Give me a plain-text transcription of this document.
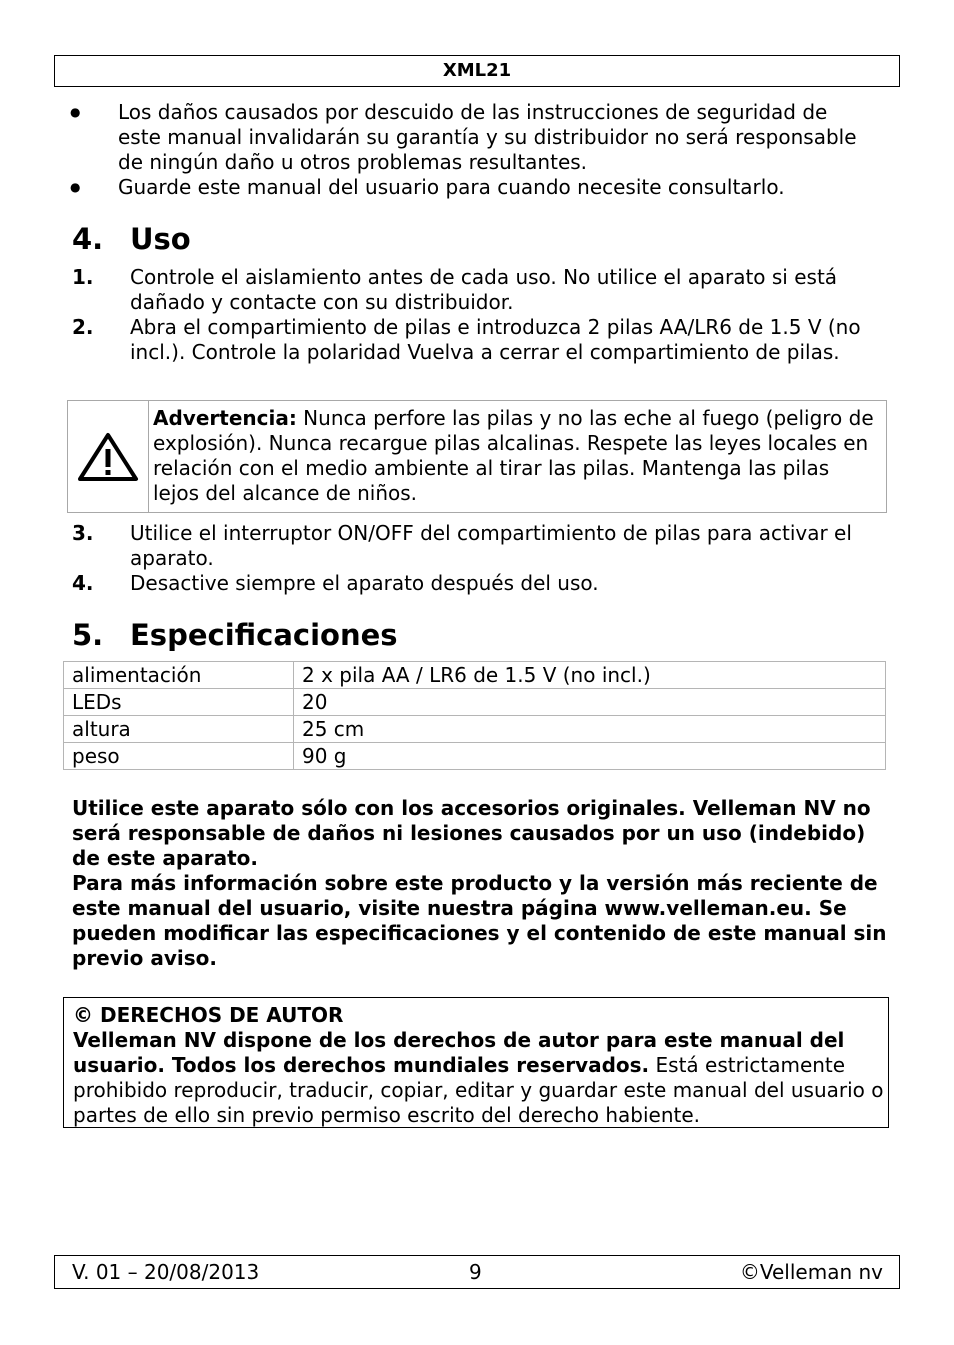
XML21
● Los daños causados por descuido de las instrucciones de seguridad de este manual invalidarán su garantía y su distribuidor no será responsable de ningún daño u otros problemas resultantes.
● Guarde este manual del usuario para cuando necesite consultarlo.
4. Uso
1. Controle el aislamiento antes de cada uso. No utilice el aparato si está dañado y contacte con su distribuidor.
2. Abra el compartimiento de pilas e introduzca 2 pilas AA/LR6 de 1.5 V (no incl.). Controle la polaridad Vuelva a cerrar el compartimiento de pilas.
Advertencia: Nunca perfore las pilas y no las eche al fuego (peligro de explosión). Nunca recargue pilas alcalinas. Respete las leyes locales en relación con el medio ambiente al tirar las pilas. Mantenga las pilas lejos del alcance de niños.
3. Utilice el interruptor ON/OFF del compartimiento de pilas para activar el aparato.
4. Desactive siempre el aparato después del uso.
5. Especificaciones
alimentación	2 x pila AA / LR6 de 1.5 V (no incl.)
LEDs	20
altura	25 cm
peso	90 g
Utilice este aparato sólo con los accesorios originales. Velleman NV no será responsable de daños ni lesiones causados por un uso (indebido) de este aparato.
Para más información sobre este producto y la versión más reciente de este manual del usuario, visite nuestra página www.velleman.eu. Se pueden modificar las especificaciones y el contenido de este manual sin previo aviso.
© DERECHOS DE AUTOR
Velleman NV dispone de los derechos de autor para este manual del usuario. Todos los derechos mundiales reservados. Está estrictamente prohibido reproducir, traducir, copiar, editar y guardar este manual del usuario o partes de ello sin previo permiso escrito del derecho habiente.
V. 01 – 20/08/2013	9	©Velleman nv
